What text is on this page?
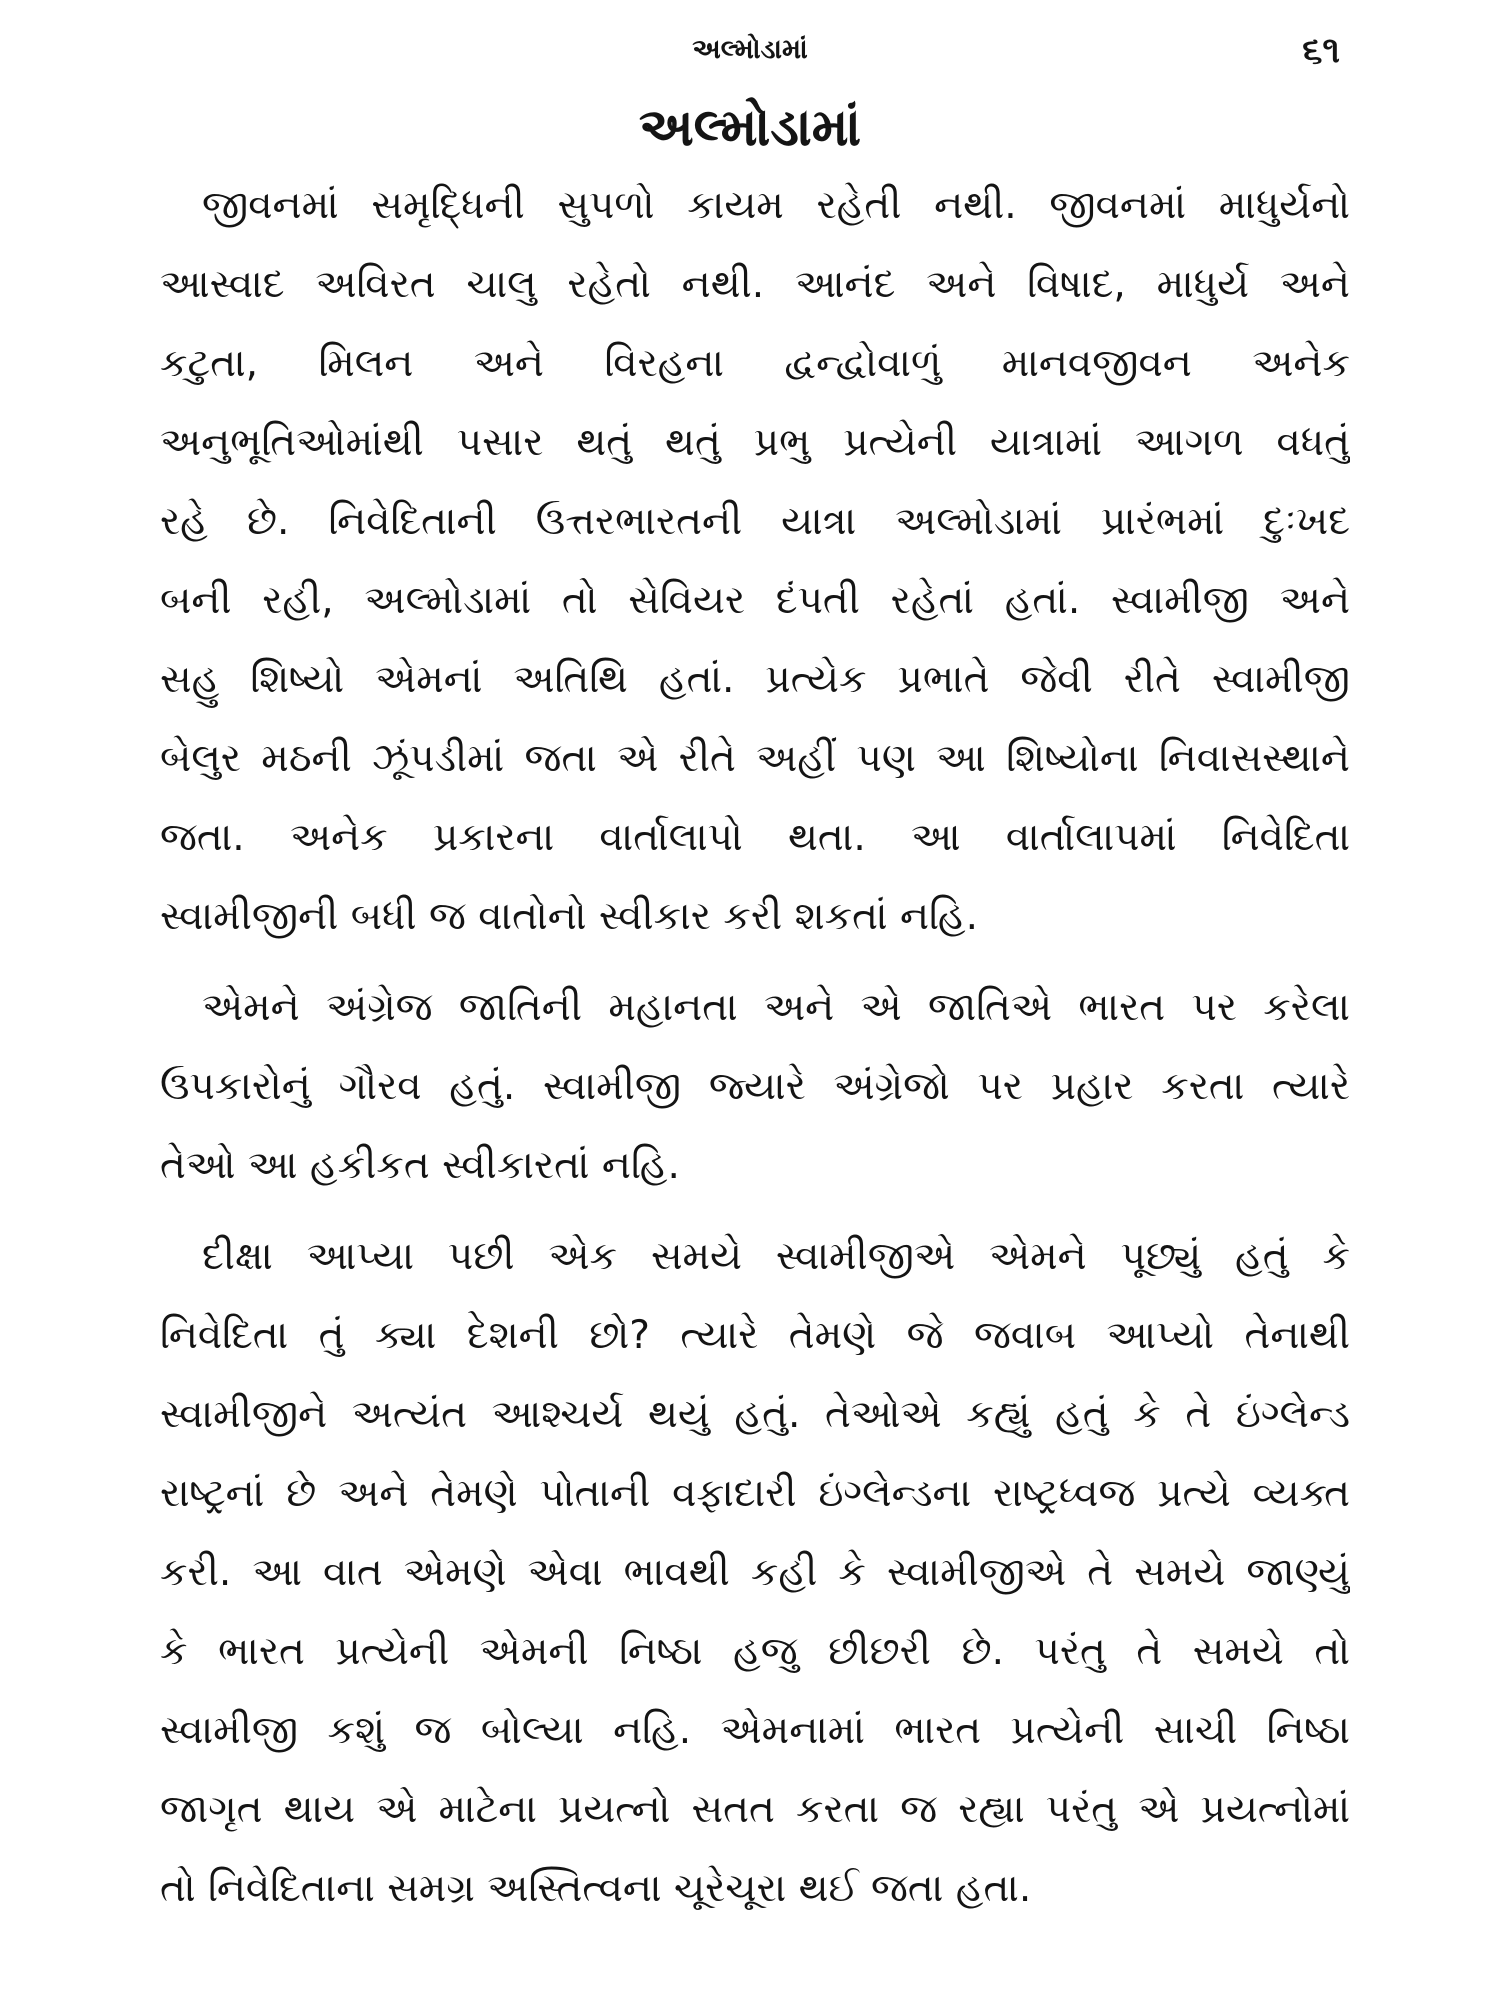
અલ્મોડામાં	૬૧
અલ્મોડામાં

જીવનમાં સમૃદ્ધિની સુપળો કાયમ રહેતી નથી. જીવનમાં માધુર્યનો
આસ્વાદ અવિરત ચાલુ રહેતો નથી. આનંદ અને વિષાદ, માધુર્ય અને
કટુતા, મિલન અને વિરહના દ્વન્દ્વોવાળું માનવજીવન અનેક
અનુભૂતિઓમાંથી પસાર થતું થતું પ્રભુ પ્રત્યેની યાત્રામાં આગળ વધતું
રહે છે. નિવેદિતાની ઉત્તરભારતની યાત્રા અલ્મોડામાં પ્રારંભમાં દુઃખદ
બની રહી, અલ્મોડામાં તો સેવિયર દંપતી રહેતાં હતાં. સ્વામીજી અને
સહુ શિષ્યો એમનાં અતિથિ હતાં. પ્રત્યેક પ્રભાતે જેવી રીતે સ્વામીજી
બેલુર મઠની ઝૂંપડીમાં જતા એ રીતે અહીં પણ આ શિષ્યોના નિવાસસ્થાને
જતા. અનેક પ્રકારના વાર્તાલાપો થતા. આ વાર્તાલાપમાં નિવેદિતા
સ્વામીજીની બધી જ વાતોનો સ્વીકાર કરી શકતાં નહિ.

એમને અંગ્રેજ જાતિની મહાનતા અને એ જાતિએ ભારત પર કરેલા
ઉપકારોનું ગૌરવ હતું. સ્વામીજી જ્યારે અંગ્રેજો પર પ્રહાર કરતા ત્યારે
તેઓ આ હકીકત સ્વીકારતાં નહિ.

દીક્ષા આપ્યા પછી એક સમયે સ્વામીજીએ એમને પૂછ્યું હતું કે
નિવેદિતા તું ક્યા દેશની છો? ત્યારે તેમણે જે જવાબ આપ્યો તેનાથી
સ્વામીજીને અત્યંત આશ્ચર્ય થયું હતું. તેઓએ કહ્યું હતું કે તે ઇંગ્લેન્ડ
રાષ્ટ્રનાં છે અને તેમણે પોતાની વફાદારી ઇંગ્લેન્ડના રાષ્ટ્રધ્વજ પ્રત્યે વ્યક્ત
કરી. આ વાત એમણે એવા ભાવથી કહી કે સ્વામીજીએ તે સમયે જાણ્યું
કે ભારત પ્રત્યેની એમની નિષ્ઠા હજુ છીછરી છે. પરંતુ તે સમયે તો
સ્વામીજી કશું જ બોલ્યા નહિ. એમનામાં ભારત પ્રત્યેની સાચી નિષ્ઠા
જાગૃત થાય એ માટેના પ્રયત્નો સતત કરતા જ રહ્યા પરંતુ એ પ્રયત્નોમાં
તો નિવેદિતાના સમગ્ર અસ્તિત્વના ચૂરેચૂરા થઈ જતા હતા.
